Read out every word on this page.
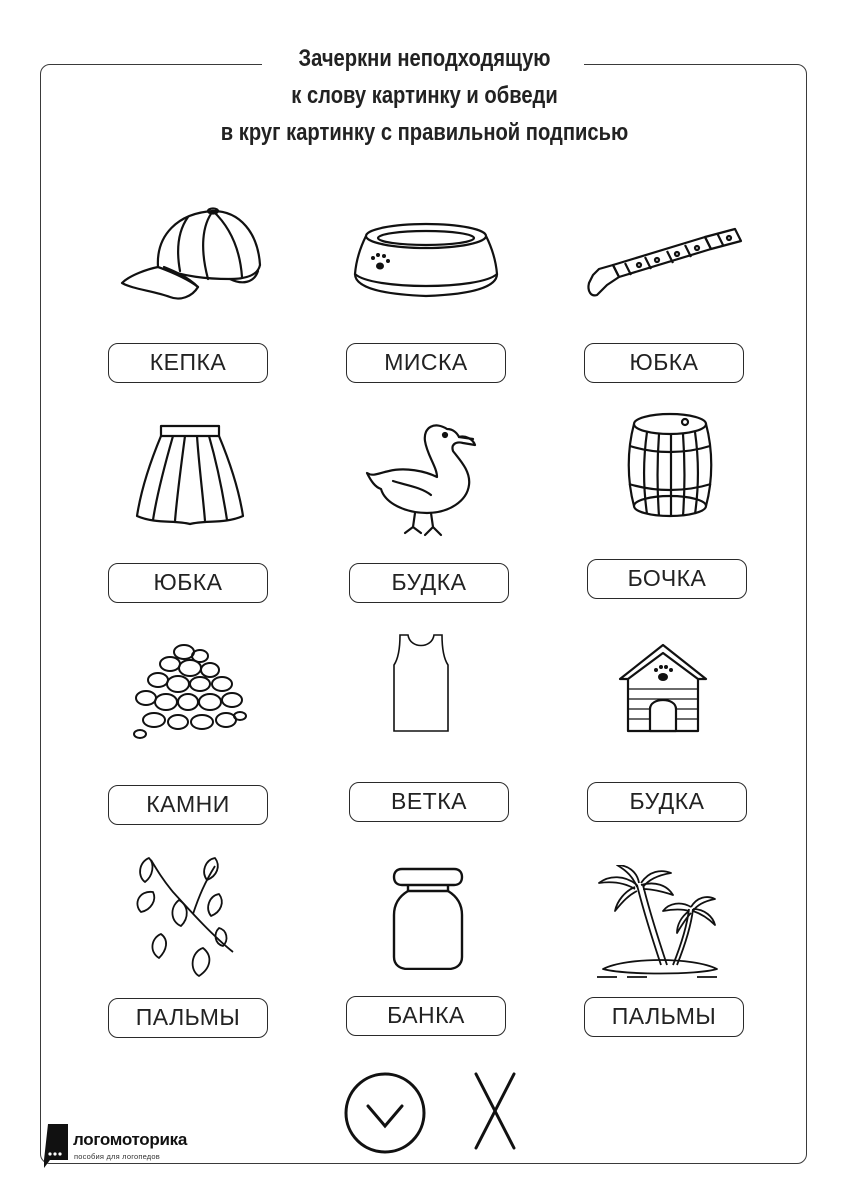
Зачеркни неподходящую
к слову картинку и обведи
в круг картинку с правильной подписью
КЕПКА	МИСКА	ЮБКА
ЮБКА	БУДКА	БОЧКА
КАМНИ	ВЕТКА	БУДКА
ПАЛЬМЫ	БАНКА	ПАЛЬМЫ
логомоторика
пособия для логопедов
